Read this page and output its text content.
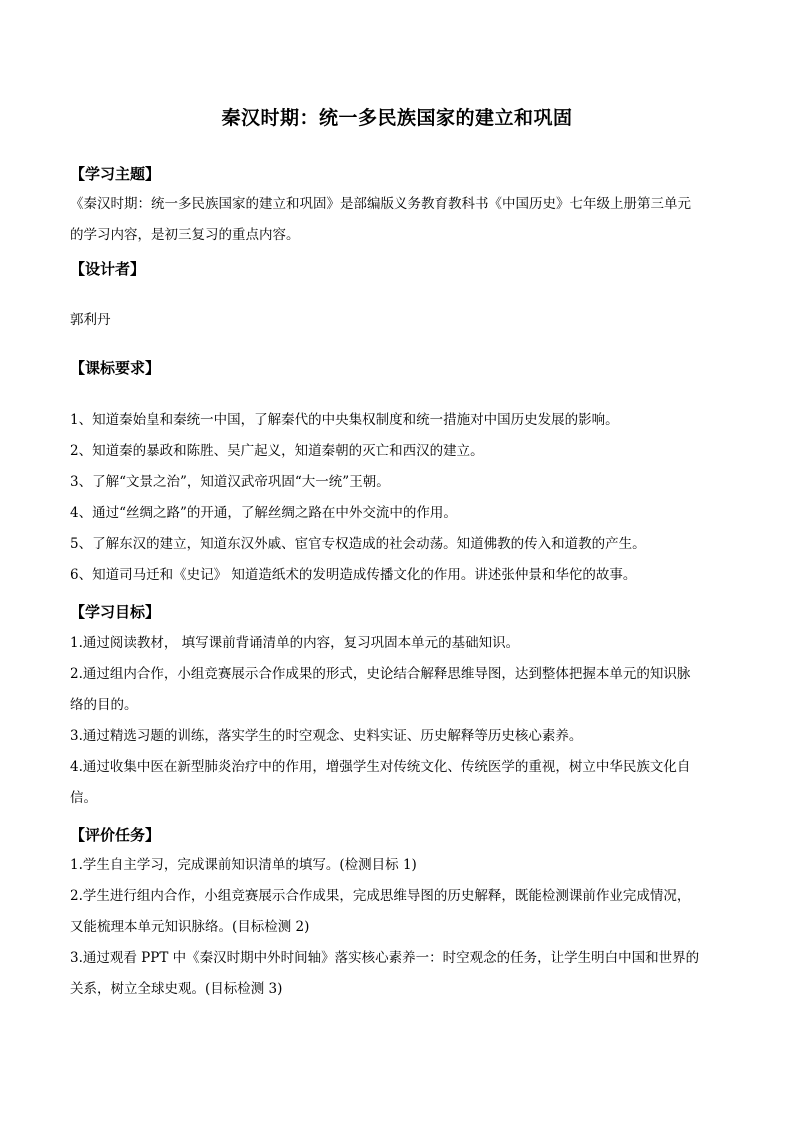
秦汉时期：统一多民族国家的建立和巩固
【学习主题】
《秦汉时期：统一多民族国家的建立和巩固》是部编版义务教育教科书《中国历史》七年级上册第三单元
的学习内容，是初三复习的重点内容。
【设计者】
郭利丹
【课标要求】
1、知道秦始皇和秦统一中国，了解秦代的中央集权制度和统一措施对中国历史发展的影响。
2、知道秦的暴政和陈胜、吴广起义，知道秦朝的灭亡和西汉的建立。
3、了解“文景之治”，知道汉武帝巩固“大一统”王朝。
4、通过“丝绸之路”的开通，了解丝绸之路在中外交流中的作用。
5、了解东汉的建立，知道东汉外戚、宦官专权造成的社会动荡。知道佛教的传入和道教的产生。
6、知道司马迁和《史记》 知道造纸术的发明造成传播文化的作用。讲述张仲景和华佗的故事。
【学习目标】
1.通过阅读教材， 填写课前背诵清单的内容，复习巩固本单元的基础知识。
2.通过组内合作，小组竞赛展示合作成果的形式，史论结合解释思维导图，达到整体把握本单元的知识脉
络的目的。
3.通过精选习题的训练，落实学生的时空观念、史料实证、历史解释等历史核心素养。
4.通过收集中医在新型肺炎治疗中的作用，增强学生对传统文化、传统医学的重视，树立中华民族文化自
信。
【评价任务】
1.学生自主学习，完成课前知识清单的填写。(检测目标 1)
2.学生进行组内合作，小组竞赛展示合作成果，完成思维导图的历史解释，既能检测课前作业完成情况，
又能梳理本单元知识脉络。(目标检测 2)
3.通过观看 PPT 中《秦汉时期中外时间轴》落实核心素养一：时空观念的任务，让学生明白中国和世界的
关系，树立全球史观。(目标检测 3)
